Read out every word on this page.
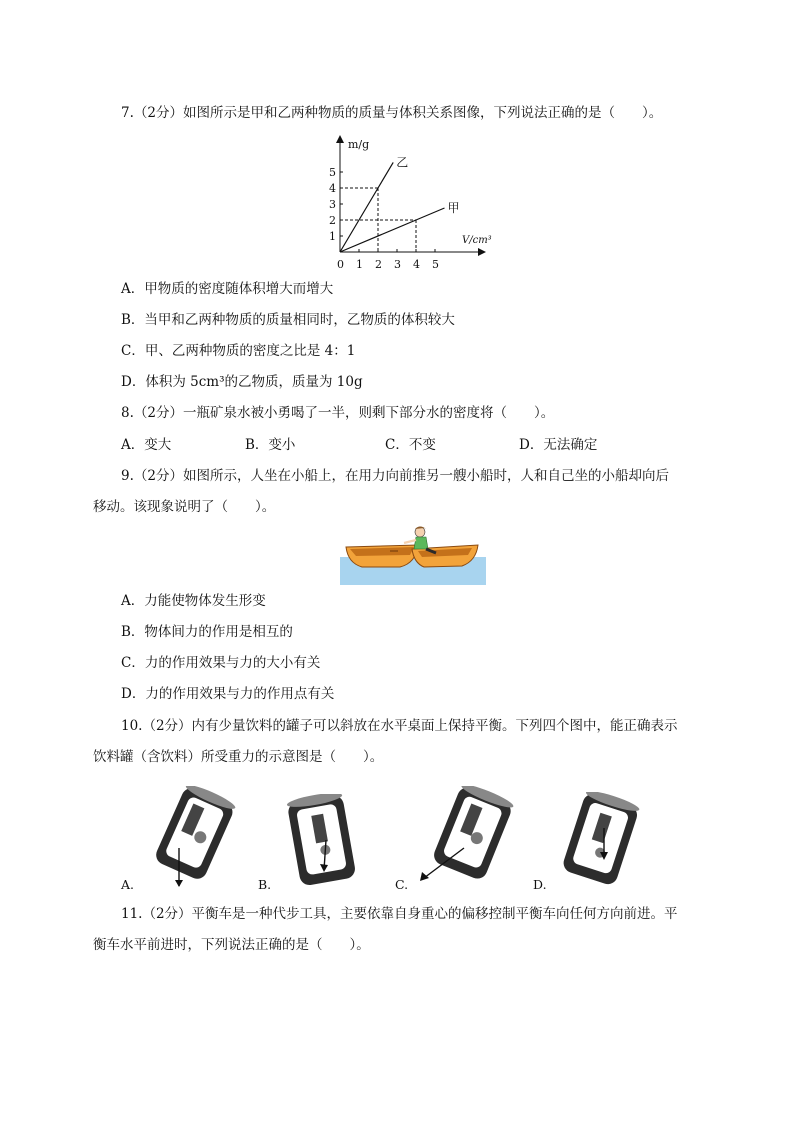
7.（2分）如图所示是甲和乙两种物质的质量与体积关系图像，下列说法正确的是（　　）。
m/g
V/cm³
0 1 2 3 4 5
1
2
3
4
5
乙
甲
A．甲物质的密度随体积增大而增大
B．当甲和乙两种物质的质量相同时，乙物质的体积较大
C．甲、乙两种物质的密度之比是 4：1
D．体积为 5cm³的乙物质，质量为 10g
8.（2分）一瓶矿泉水被小勇喝了一半，则剩下部分水的密度将（　　）。
A．变大	B．变小	C．不变	D．无法确定
9.（2分）如图所示，人坐在小船上，在用力向前推另一艘小船时，人和自己坐的小船却向后
移动。该现象说明了（　　）。
A．力能使物体发生形变
B．物体间力的作用是相互的
C．力的作用效果与力的大小有关
D．力的作用效果与力的作用点有关
10.（2分）内有少量饮料的罐子可以斜放在水平桌面上保持平衡。下列四个图中，能正确表示
饮料罐（含饮料）所受重力的示意图是（　　）。
A.	B.	C.	D.
11.（2分）平衡车是一种代步工具，主要依靠自身重心的偏移控制平衡车向任何方向前进。平
衡车水平前进时，下列说法正确的是（　　）。
